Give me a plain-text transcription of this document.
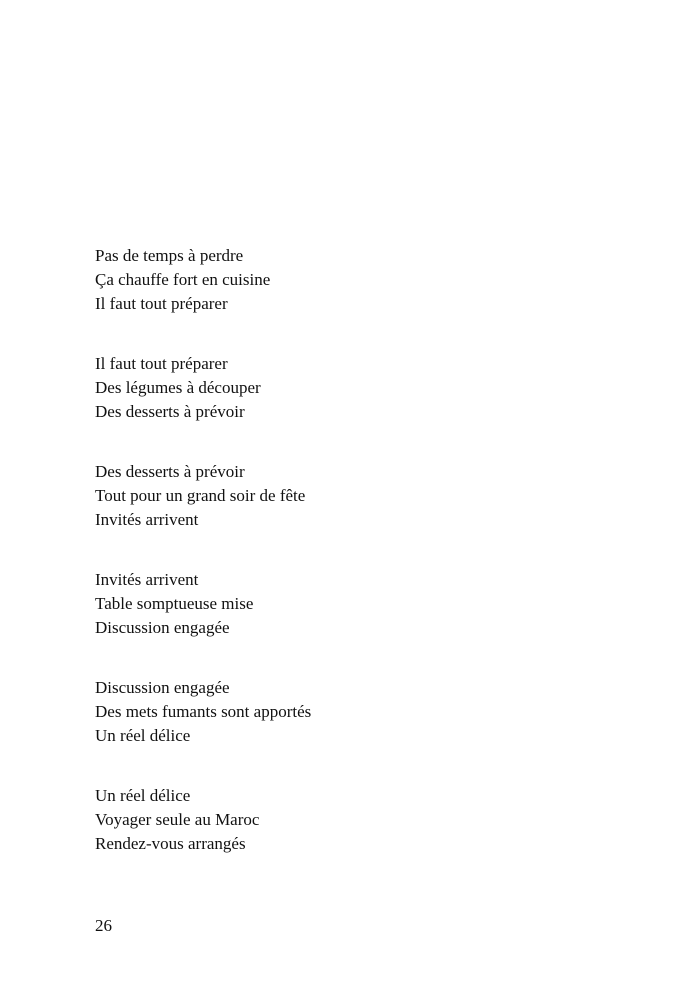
Pas de temps à perdre
Ça chauffe fort en cuisine
Il faut tout préparer
Il faut tout préparer
Des légumes à découper
Des desserts à prévoir
Des desserts à prévoir
Tout pour un grand soir de fête
Invités arrivent
Invités arrivent
Table somptueuse mise
Discussion engagée
Discussion engagée
Des mets fumants sont apportés
Un réel délice
Un réel délice
Voyager seule au Maroc
Rendez-vous arrangés
26
